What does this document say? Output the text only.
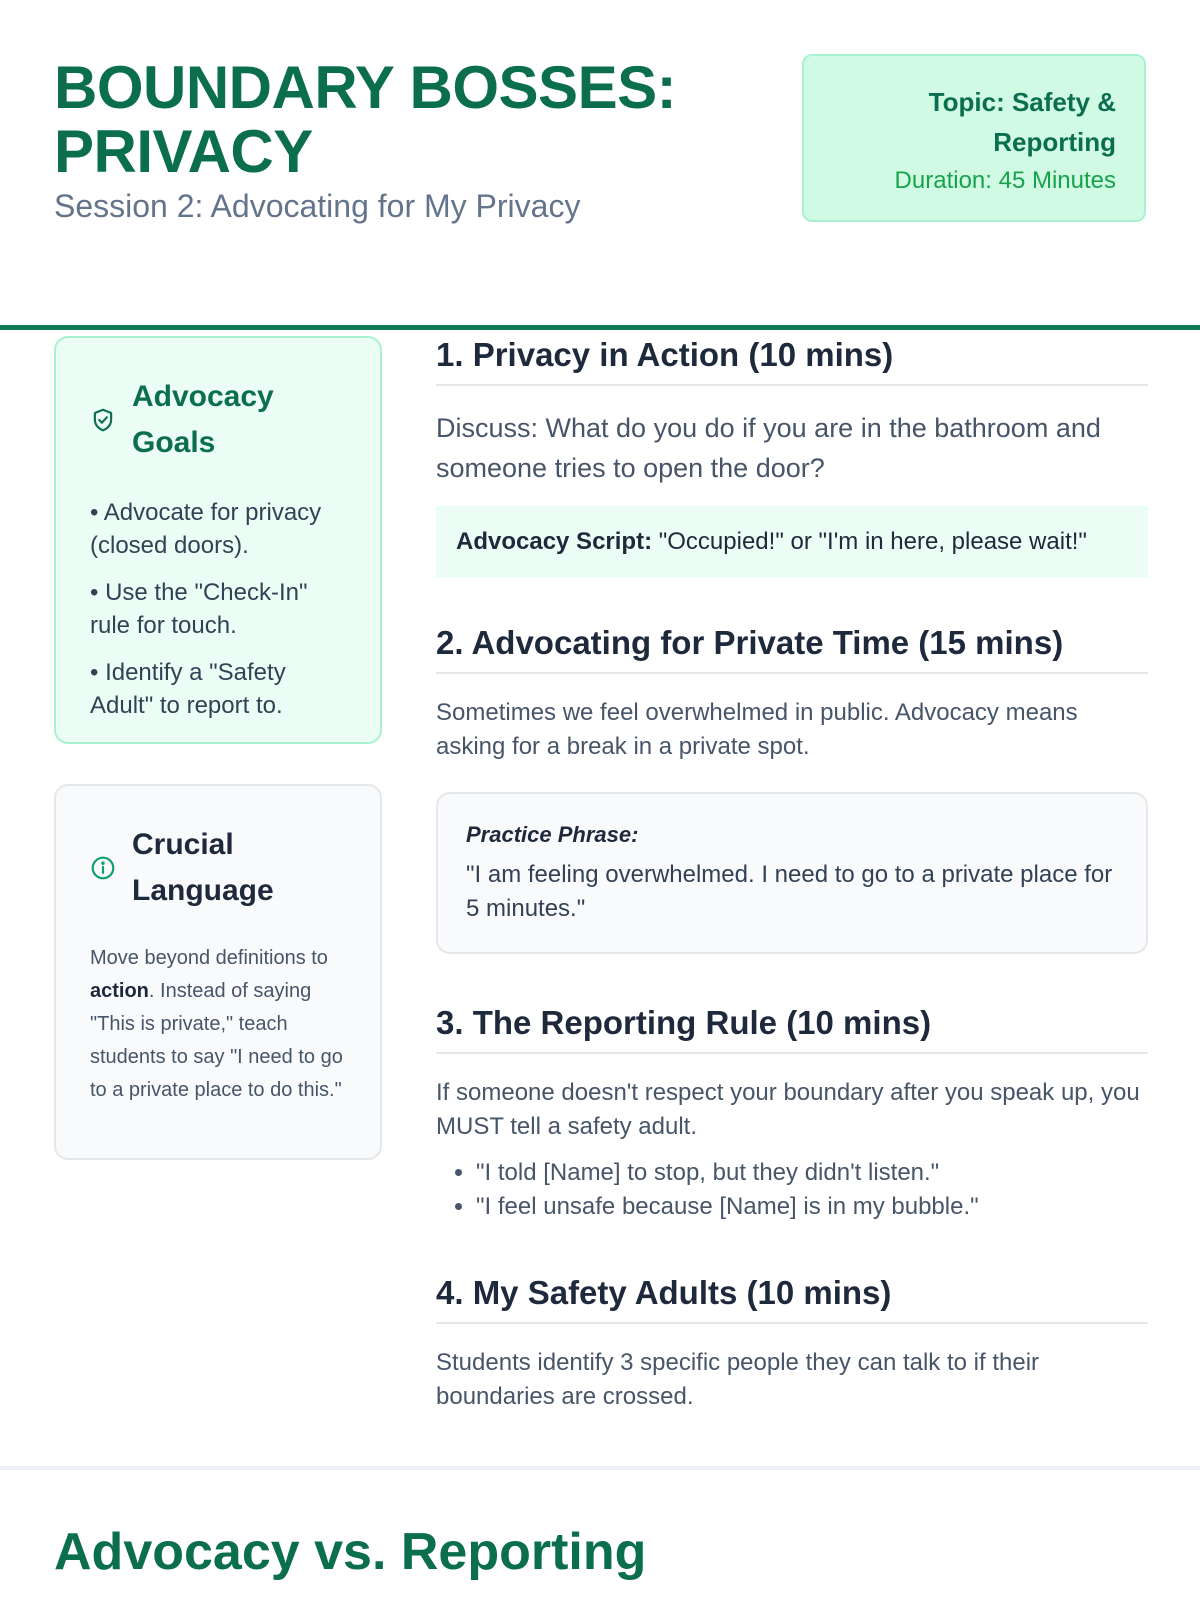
BOUNDARY BOSSES:
PRIVACY
Session 2: Advocating for My Privacy
Topic: Safety &
Reporting
Duration: 45 Minutes
Advocacy Goals
• Advocate for privacy (closed doors).
• Use the "Check-In" rule for touch.
• Identify a "Safety Adult" to report to.
Crucial Language
Move beyond definitions to action. Instead of saying "This is private," teach students to say "I need to go to a private place to do this."
1. Privacy in Action (10 mins)

Discuss: What do you do if you are in the bathroom and someone tries to open the door?

Advocacy Script: "Occupied!" or "I'm in here, please wait!"
2. Advocating for Private Time (15 mins)

Sometimes we feel overwhelmed in public. Advocacy means asking for a break in a private spot.

Practice Phrase:
"I am feeling overwhelmed. I need to go to a private place for 5 minutes."
3. The Reporting Rule (10 mins)

If someone doesn't respect your boundary after you speak up, you MUST tell a safety adult.

• "I told [Name] to stop, but they didn't listen."
• "I feel unsafe because [Name] is in my bubble."
4. My Safety Adults (10 mins)

Students identify 3 specific people they can talk to if their boundaries are crossed.

Advocacy vs. Reporting
